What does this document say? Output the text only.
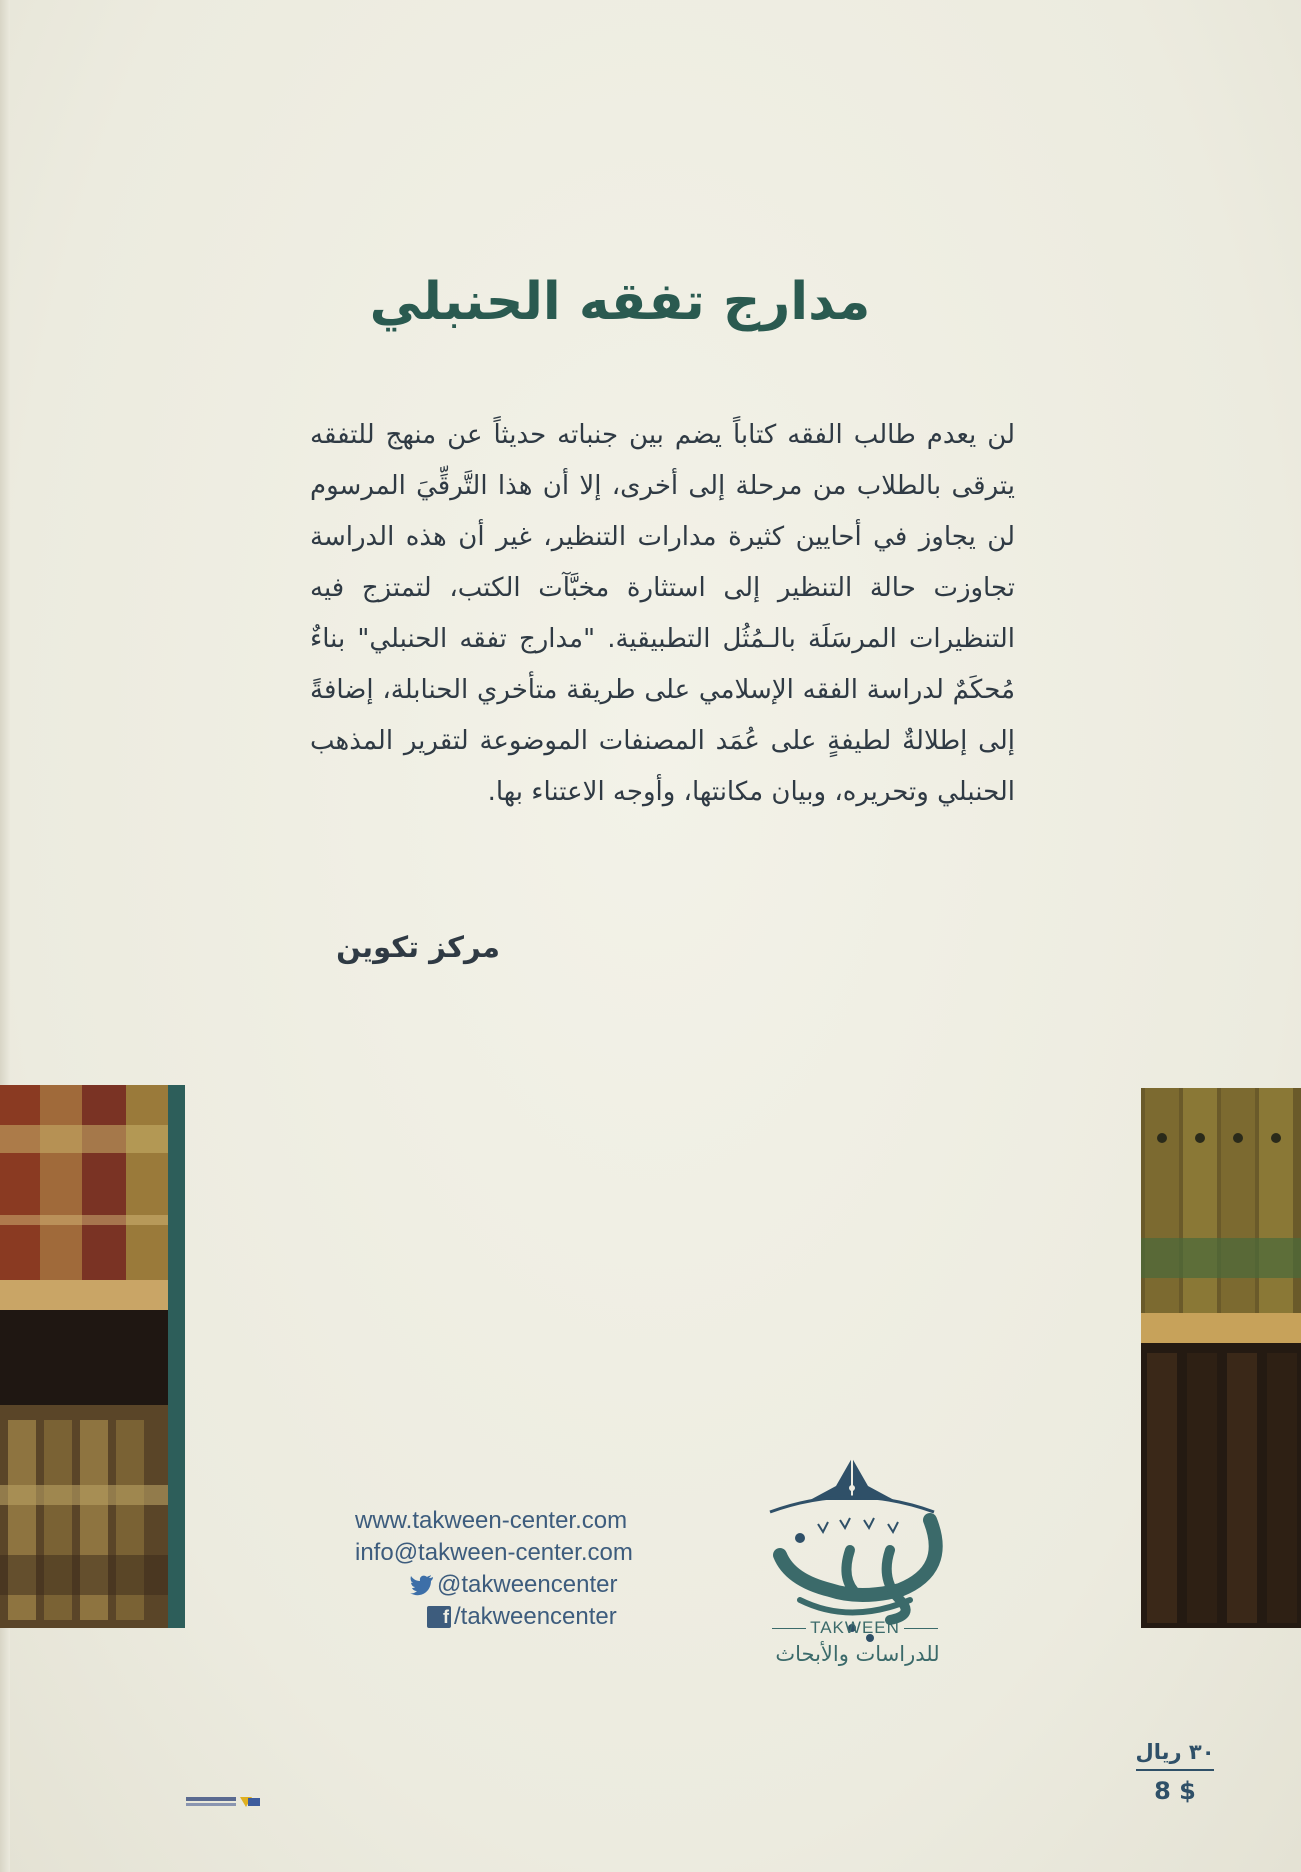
مدارج تفقه الحنبلي
لن يعدم طالب الفقه كتاباً يضم بين جنباته حديثاً عن منهج للتفقه يترقى بالطلاب من مرحلة إلى أخرى، إلا أن هذا التَّرقِّيَ المرسوم لن يجاوز في أحايين كثيرة مدارات التنظير، غير أن هذه الدراسة تجاوزت حالة التنظير إلى استثارة مخبَّآت الكتب، لتمتزج فيه التنظيرات المرسَلَة بالـمُثُل التطبيقية. "مدارج تفقه الحنبلي" بناءٌ مُحكَمٌ لدراسة الفقه الإسلامي على طريقة متأخري الحنابلة، إضافةً إلى إطلالةٌ لطيفةٍ على عُمَد المصنفات الموضوعة لتقرير المذهب الحنبلي وتحريره، وبيان مكانتها، وأوجه الاعتناء بها.
مركز تكوين
www.takween-center.com
info@takween-center.com
@takweencenter
f /takweencenter	TAKWEEN
للدراسات والأبحاث
٣٠ ريال
8 $
